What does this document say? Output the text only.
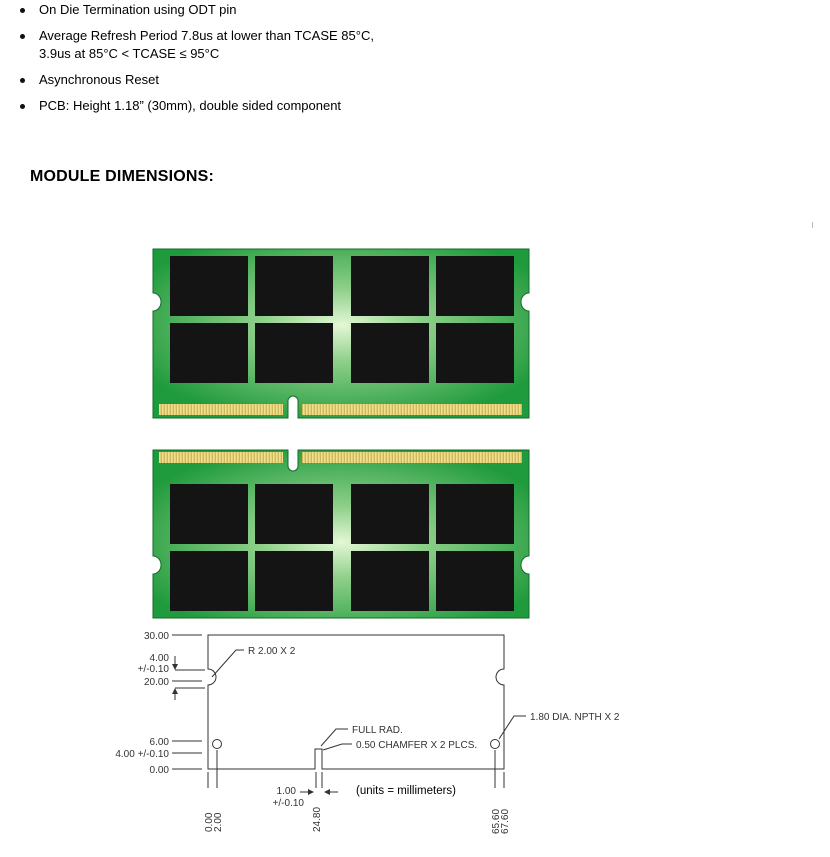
On Die Termination using ODT pin
Average Refresh Period 7.8us at lower than TCASE 85°C,
3.9us at 85°C < TCASE ≤ 95°C
Asynchronous Reset
PCB: Height 1.18” (30mm), double sided component
MODULE DIMENSIONS:
30.00
4.00
+/-0.10
20.00
6.00
4.00 +/-0.10
0.00
R 2.00 X 2
FULL RAD.
0.50 CHAMFER X 2 PLCS.
1.80 DIA. NPTH X 2
1.00
+/-0.10
(units = millimeters)
0.00
2.00	24.80	65.60
67.60
